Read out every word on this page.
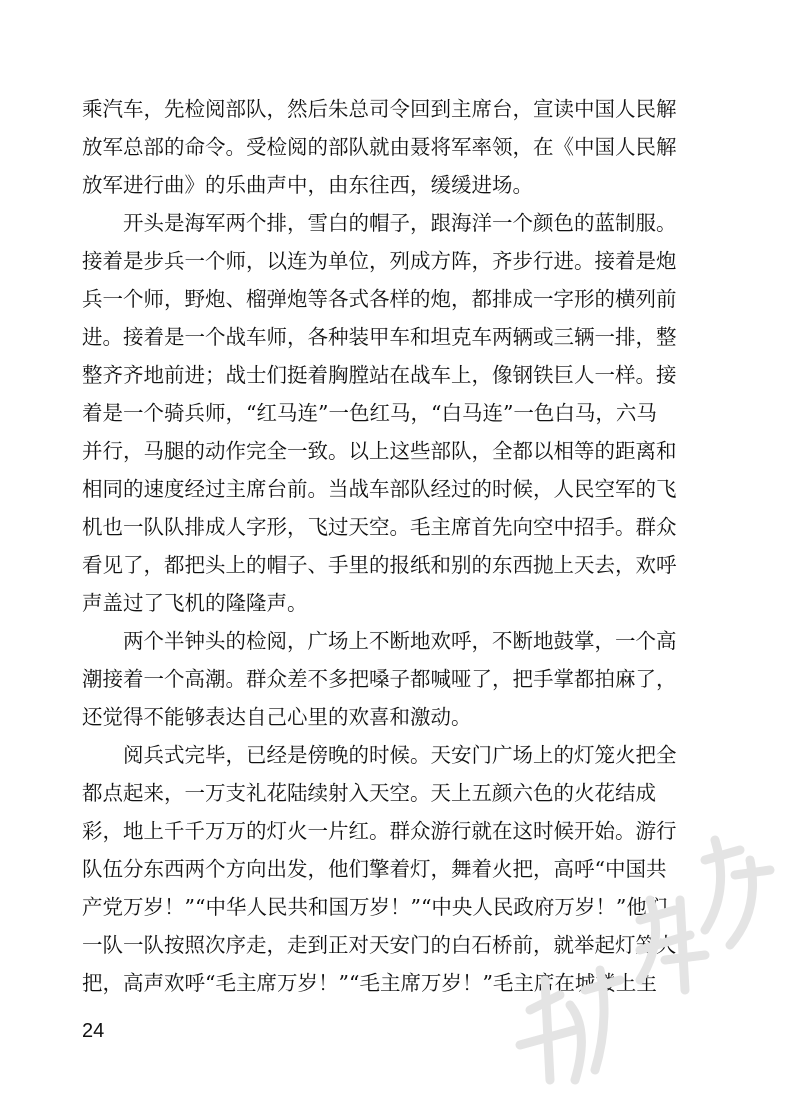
乘汽车，先检阅部队，然后朱总司令回到主席台，宣读中国人民解
放军总部的命令。受检阅的部队就由聂将军率领，在《中国人民解
放军进行曲》的乐曲声中，由东往西，缓缓进场。
开头是海军两个排，雪白的帽子，跟海洋一个颜色的蓝制服。
接着是步兵一个师，以连为单位，列成方阵，齐步行进。接着是炮
兵一个师，野炮、榴弹炮等各式各样的炮，都排成一字形的横列前
进。接着是一个战车师，各种装甲车和坦克车两辆或三辆一排，整
整齐齐地前进；战士们挺着胸膛站在战车上，像钢铁巨人一样。接
着是一个骑兵师，“红马连”一色红马，“白马连”一色白马，六马
并行，马腿的动作完全一致。以上这些部队，全都以相等的距离和
相同的速度经过主席台前。当战车部队经过的时候，人民空军的飞
机也一队队排成人字形，飞过天空。毛主席首先向空中招手。群众
看见了，都把头上的帽子、手里的报纸和别的东西抛上天去，欢呼
声盖过了飞机的隆隆声。
两个半钟头的检阅，广场上不断地欢呼，不断地鼓掌，一个高
潮接着一个高潮。群众差不多把嗓子都喊哑了，把手掌都拍麻了，
还觉得不能够表达自己心里的欢喜和激动。
阅兵式完毕，已经是傍晚的时候。天安门广场上的灯笼火把全
都点起来，一万支礼花陆续射入天空。天上五颜六色的火花结成
彩，地上千千万万的灯火一片红。群众游行就在这时候开始。游行
队伍分东西两个方向出发，他们擎着灯，舞着火把，高呼“中国共
产党万岁！”“中华人民共和国万岁！”“中央人民政府万岁！”他们
一队一队按照次序走，走到正对天安门的白石桥前，就举起灯笼火
把，高声欢呼“毛主席万岁！”“毛主席万岁！”毛主席在城楼上主
24
